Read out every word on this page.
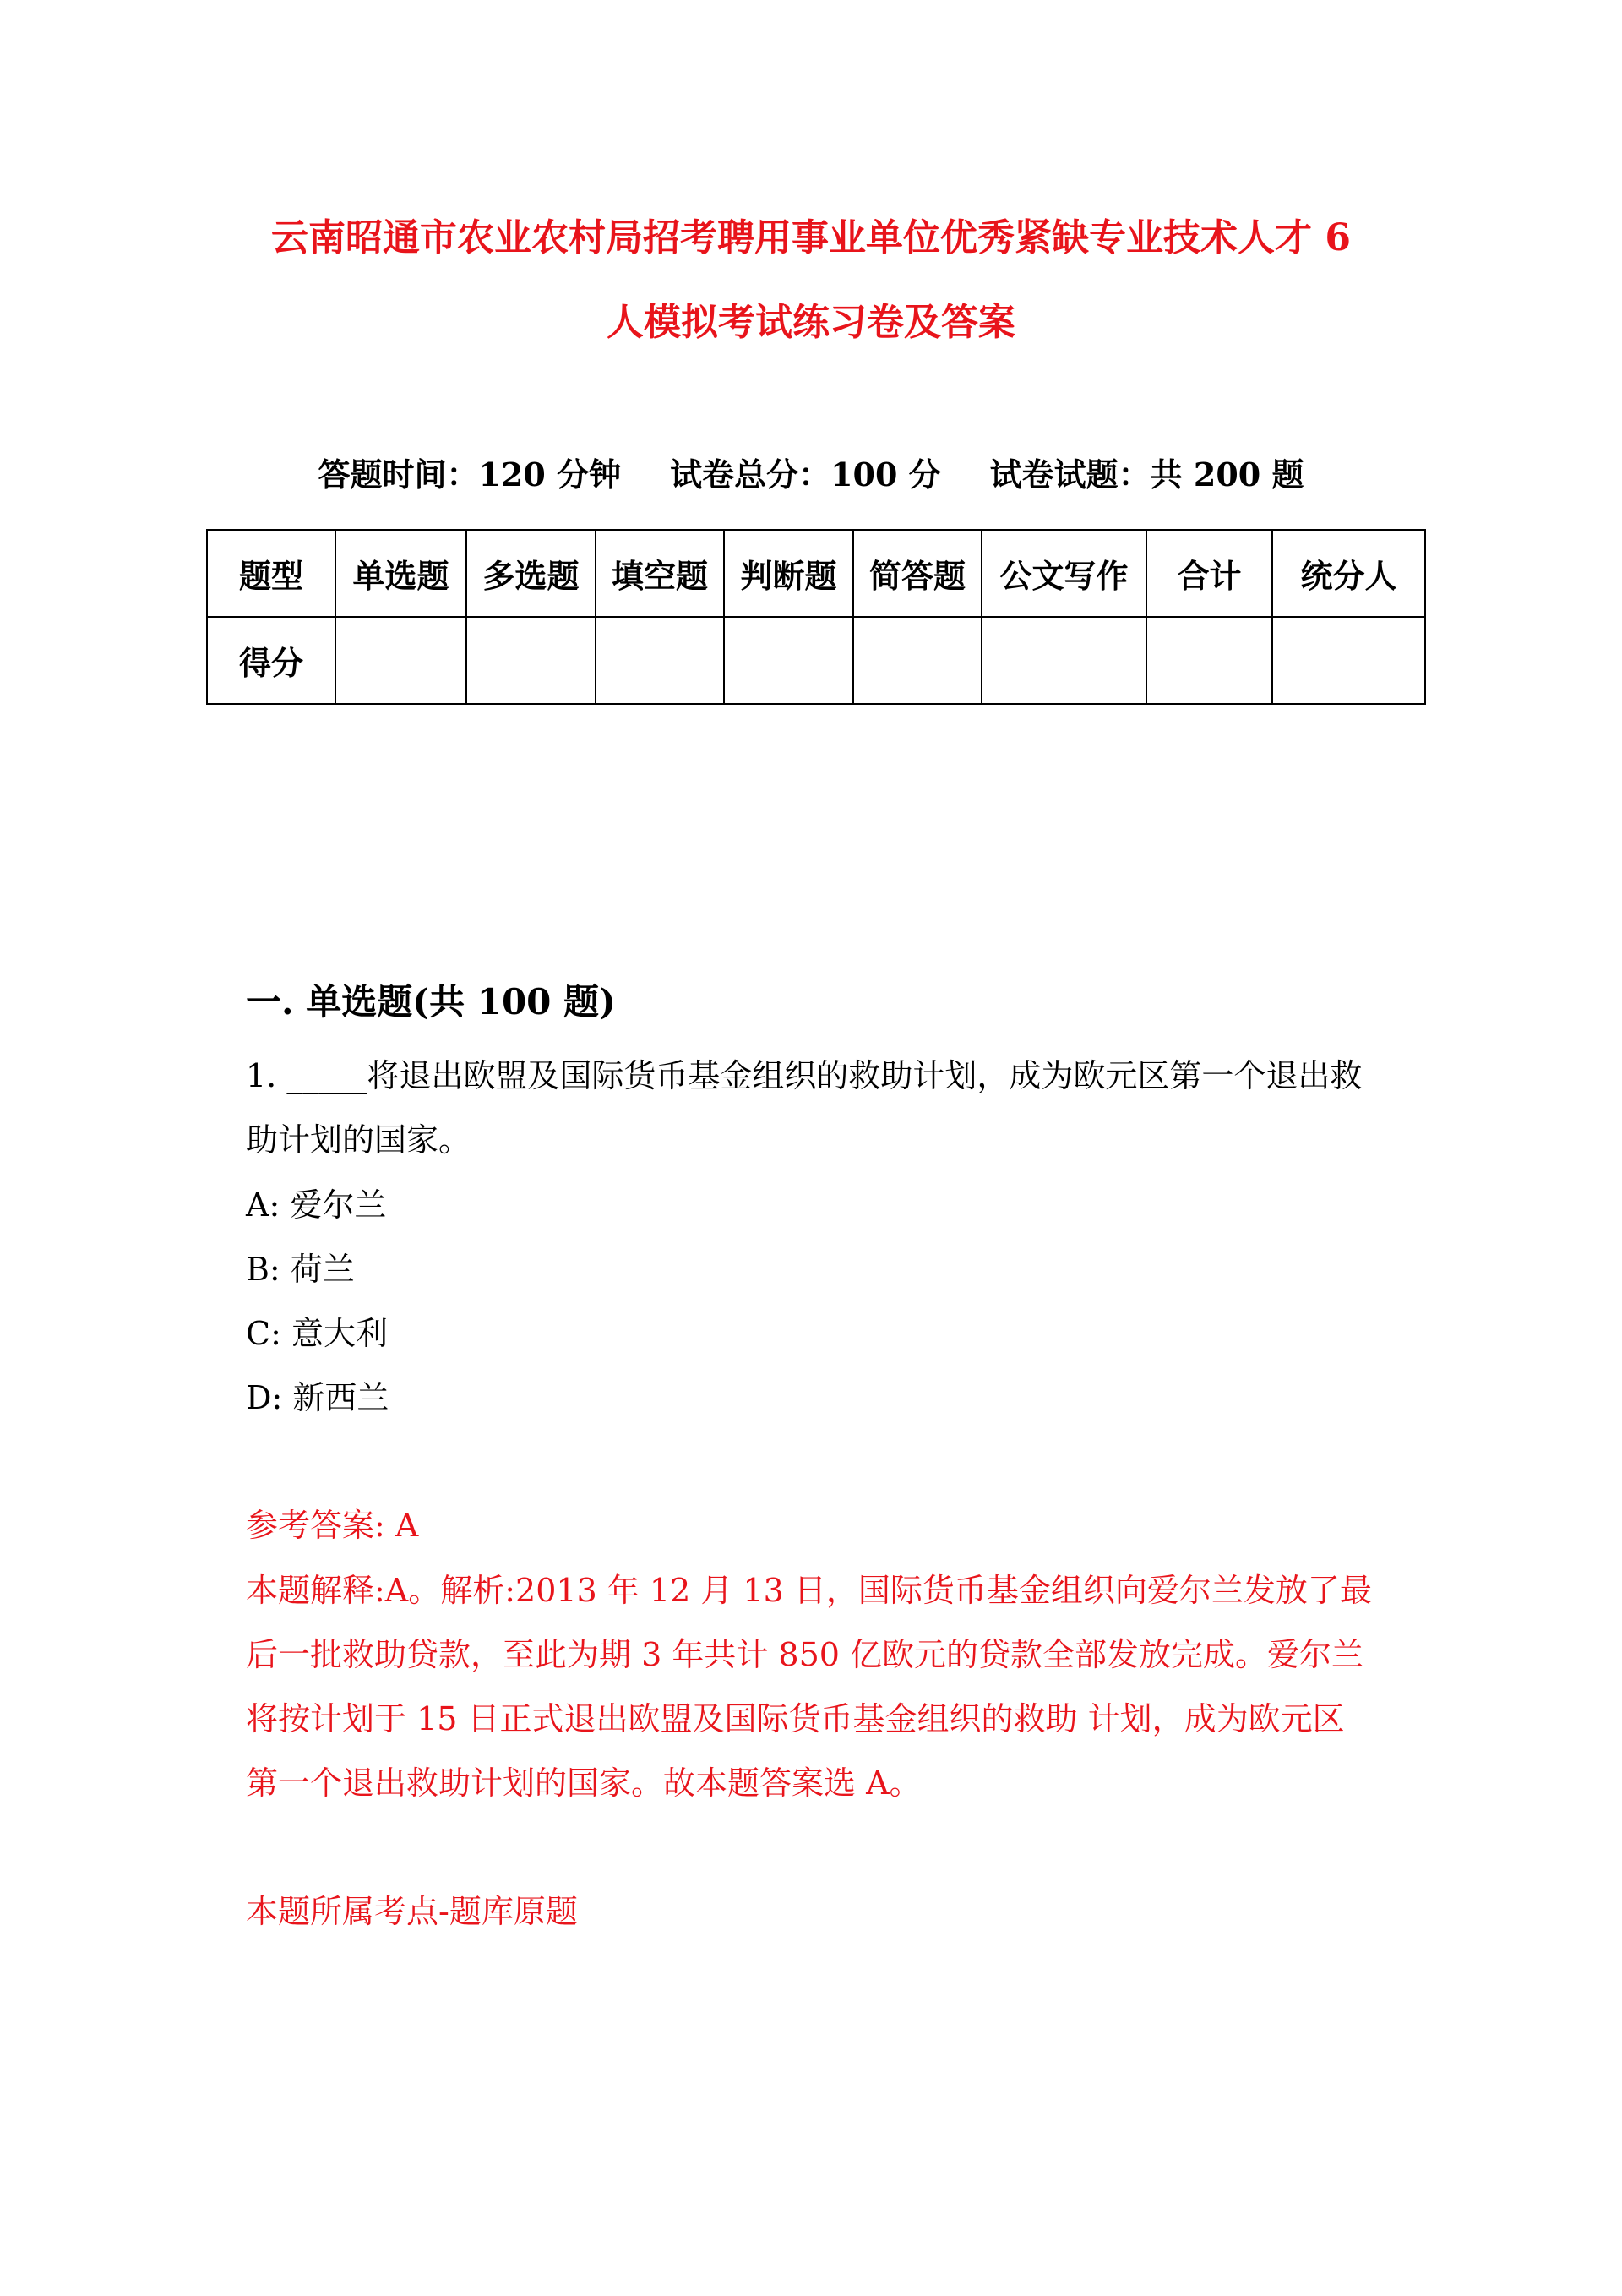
云南昭通市农业农村局招考聘用事业单位优秀紧缺专业技术人才 6
人模拟考试练习卷及答案
答题时间：120 分钟 试卷总分：100 分 试卷试题：共 200 题
题型	单选题	多选题	填空题	判断题	简答题	公文写作	合计	统分人
得分								
一. 单选题(共 100 题)
1. _____将退出欧盟及国际货币基金组织的救助计划，成为欧元区第一个退出救
助计划的国家。
A: 爱尔兰
B: 荷兰
C: 意大利
D: 新西兰
参考答案: A
本题解释:A。解析:2013 年 12 月 13 日，国际货币基金组织向爱尔兰发放了最
后一批救助贷款，至此为期 3 年共计 850 亿欧元的贷款全部发放完成。爱尔兰
将按计划于 15 日正式退出欧盟及国际货币基金组织的救助 计划，成为欧元区
第一个退出救助计划的国家。故本题答案选 A。
本题所属考点-题库原题
